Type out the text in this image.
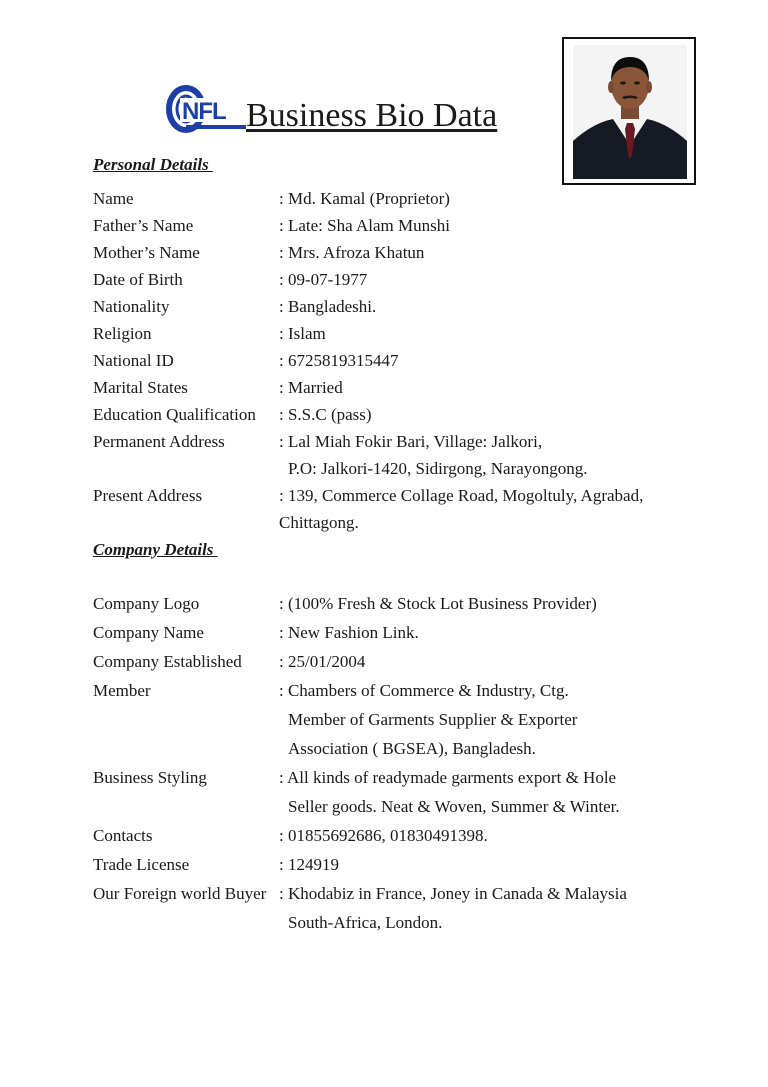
NFL Business Bio Data
Personal Details
Name	: Md. Kamal (Proprietor)
Father’s Name	: Late: Sha Alam Munshi
Mother’s Name	: Mrs. Afroza Khatun
Date of Birth	: 09-07-1977
Nationality	: Bangladeshi.
Religion	: Islam
National ID	: 6725819315447
Marital States	: Married
Education Qualification : S.S.C (pass)
Permanent Address	: Lal Miah Fokir Bari, Village: Jalkori,
P.O: Jalkori-1420, Sidirgong, Narayongong.
Present Address	: 139, Commerce Collage Road, Mogoltuly, Agrabad,
Chittagong.
Company Details
Company Logo	: (100% Fresh & Stock Lot Business Provider)
Company Name	: New Fashion Link.
Company Established : 25/01/2004
Member	: Chambers of Commerce & Industry, Ctg.
Member of Garments Supplier & Exporter
Association ( BGSEA), Bangladesh.
Business Styling	: All kinds of readymade garments export & Hole
Seller goods. Neat & Woven, Summer & Winter.
Contacts	: 01855692686, 01830491398.
Trade License	: 124919
Our Foreign world Buyer : Khodabiz in France, Joney in Canada & Malaysia
South-Africa, London.
